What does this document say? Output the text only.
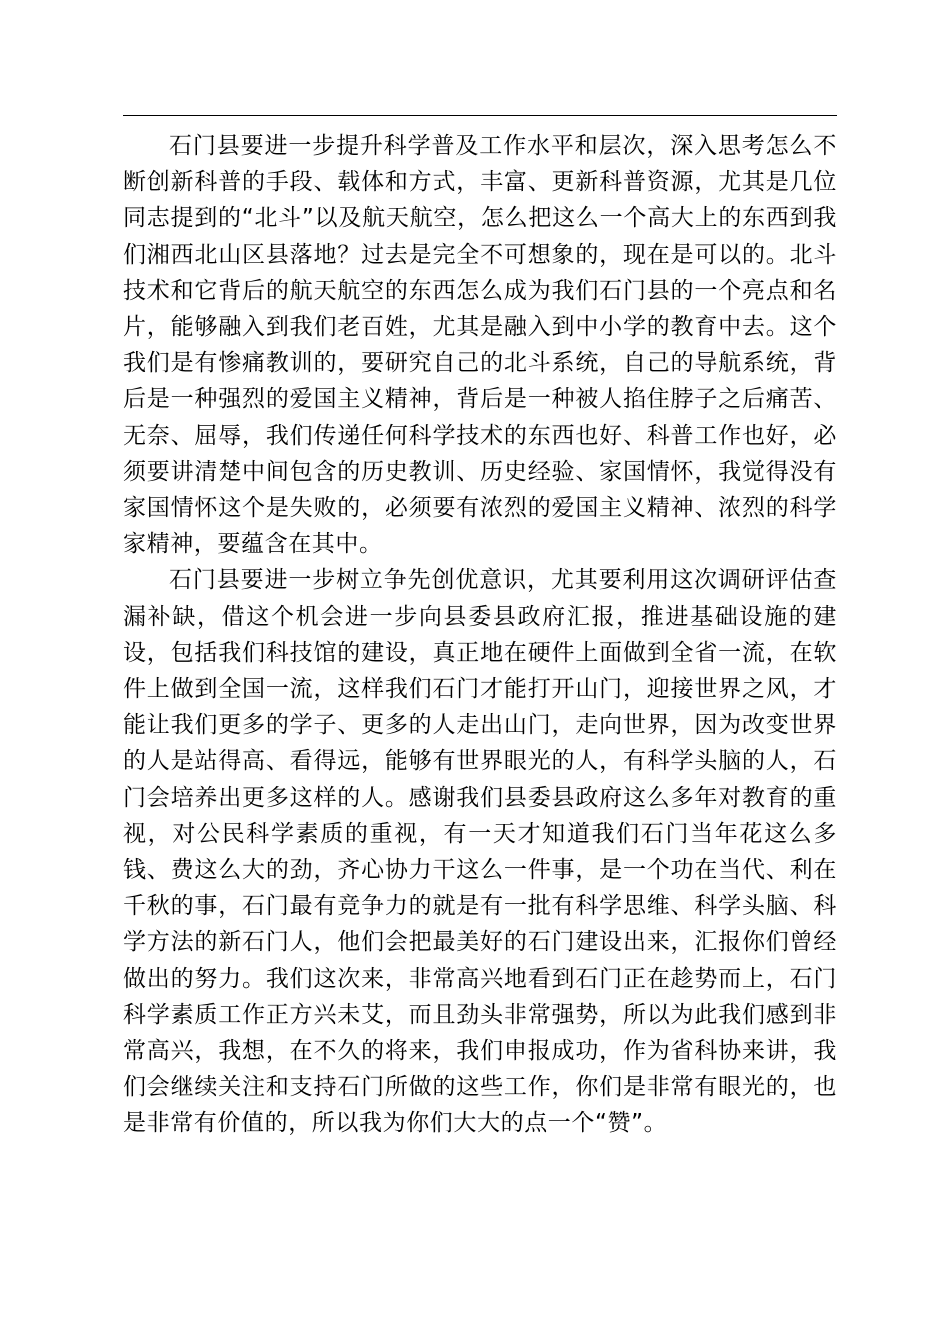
石门县要进一步提升科学普及工作水平和层次，深入思考怎么不断创新科普的手段、载体和方式，丰富、更新科普资源，尤其是几位同志提到的“北斗”以及航天航空，怎么把这么一个高大上的东西到我们湘西北山区县落地？过去是完全不可想象的，现在是可以的。北斗技术和它背后的航天航空的东西怎么成为我们石门县的一个亮点和名片，能够融入到我们老百姓，尤其是融入到中小学的教育中去。这个我们是有惨痛教训的，要研究自己的北斗系统，自己的导航系统，背后是一种强烈的爱国主义精神，背后是一种被人掐住脖子之后痛苦、无奈、屈辱，我们传递任何科学技术的东西也好、科普工作也好，必须要讲清楚中间包含的历史教训、历史经验、家国情怀，我觉得没有家国情怀这个是失败的，必须要有浓烈的爱国主义精神、浓烈的科学家精神，要蕴含在其中。

石门县要进一步树立争先创优意识，尤其要利用这次调研评估查漏补缺，借这个机会进一步向县委县政府汇报，推进基础设施的建设，包括我们科技馆的建设，真正地在硬件上面做到全省一流，在软件上做到全国一流，这样我们石门才能打开山门，迎接世界之风，才能让我们更多的学子、更多的人走出山门，走向世界，因为改变世界的人是站得高、看得远，能够有世界眼光的人，有科学头脑的人，石门会培养出更多这样的人。感谢我们县委县政府这么多年对教育的重视，对公民科学素质的重视，有一天才知道我们石门当年花这么多钱、费这么大的劲，齐心协力干这么一件事，是一个功在当代、利在千秋的事，石门最有竞争力的就是有一批有科学思维、科学头脑、科学方法的新石门人，他们会把最美好的石门建设出来，汇报你们曾经做出的努力。我们这次来，非常高兴地看到石门正在趁势而上，石门科学素质工作正方兴未艾，而且劲头非常强势，所以为此我们感到非常高兴，我想，在不久的将来，我们申报成功，作为省科协来讲，我们会继续关注和支持石门所做的这些工作，你们是非常有眼光的，也是非常有价值的，所以我为你们大大的点一个“赞”。
